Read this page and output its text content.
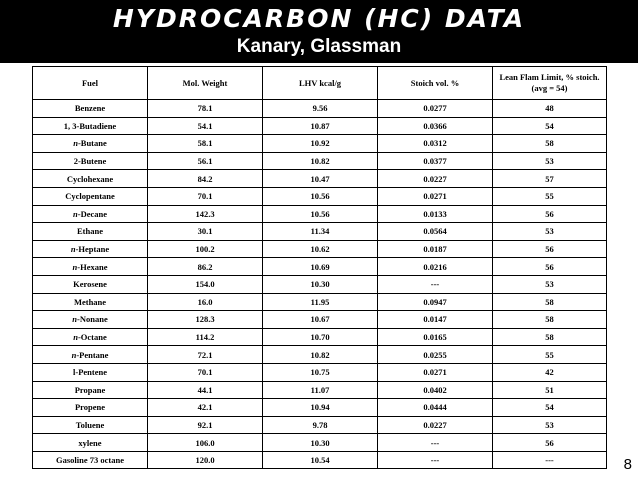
HYDROCARBON (HC) DATA
Kanary, Glassman
Fuel	Mol. Weight	LHV kcal/g	Stoich vol. %	Lean Flam Limit, % stoich. (avg = 54)
Benzene	78.1	9.56	0.0277	48
1, 3-Butadiene	54.1	10.87	0.0366	54
n-Butane	58.1	10.92	0.0312	58
2-Butene	56.1	10.82	0.0377	53
Cyclohexane	84.2	10.47	0.0227	57
Cyclopentane	70.1	10.56	0.0271	55
n-Decane	142.3	10.56	0.0133	56
Ethane	30.1	11.34	0.0564	53
n-Heptane	100.2	10.62	0.0187	56
n-Hexane	86.2	10.69	0.0216	56
Kerosene	154.0	10.30	---	53
Methane	16.0	11.95	0.0947	58
n-Nonane	128.3	10.67	0.0147	58
n-Octane	114.2	10.70	0.0165	58
n-Pentane	72.1	10.82	0.0255	55
l-Pentene	70.1	10.75	0.0271	42
Propane	44.1	11.07	0.0402	51
Propene	42.1	10.94	0.0444	54
Toluene	92.1	9.78	0.0227	53
xylene	106.0	10.30	---	56
Gasoline 73 octane	120.0	10.54	---	---	8
